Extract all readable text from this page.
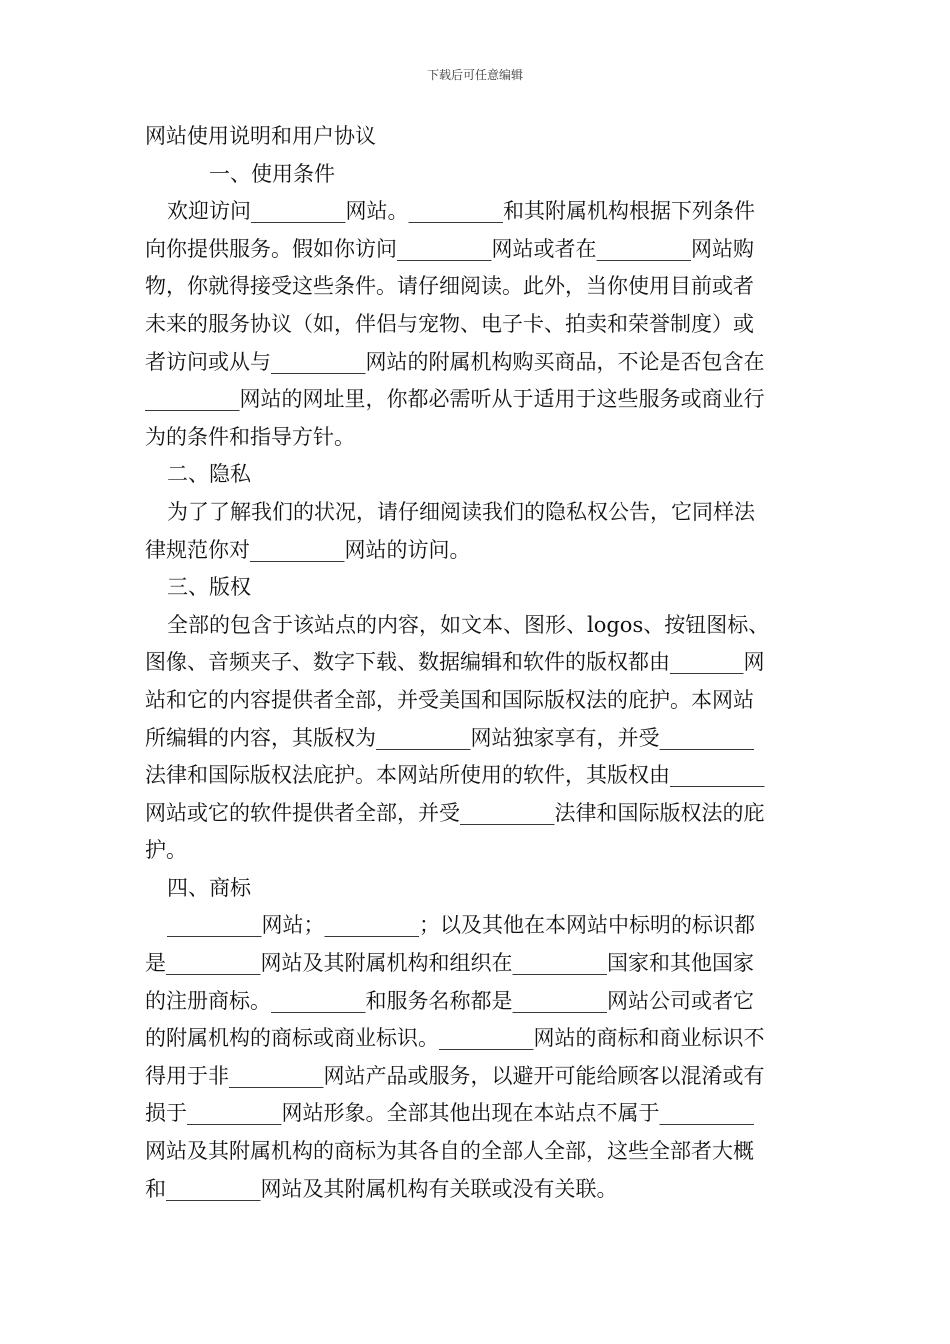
下载后可任意编辑
网站使用说明和用户协议
一、使用条件
欢迎访问_________网站。_________和其附属机构根据下列条件
向你提供服务。假如你访问_________网站或者在_________网站购
物，你就得接受这些条件。请仔细阅读。此外，当你使用目前或者
未来的服务协议（如，伴侣与宠物、电子卡、拍卖和荣誉制度）或
者访问或从与_________网站的附属机构购买商品，不论是否包含在
_________网站的网址里，你都必需听从于适用于这些服务或商业行
为的条件和指导方针。
二、隐私
为了了解我们的状况，请仔细阅读我们的隐私权公告，它同样法
律规范你对_________网站的访问。
三、版权
全部的包含于该站点的内容，如文本、图形、logos、按钮图标、
图像、音频夹子、数字下载、数据编辑和软件的版权都由_______网
站和它的内容提供者全部，并受美国和国际版权法的庇护。本网站
所编辑的内容，其版权为_________网站独家享有，并受_________
法律和国际版权法庇护。本网站所使用的软件，其版权由_________
网站或它的软件提供者全部，并受_________法律和国际版权法的庇
护。
四、商标
_________网站；_________；以及其他在本网站中标明的标识都
是_________网站及其附属机构和组织在_________国家和其他国家
的注册商标。_________和服务名称都是_________网站公司或者它
的附属机构的商标或商业标识。_________网站的商标和商业标识不
得用于非_________网站产品或服务，以避开可能给顾客以混淆或有
损于_________网站形象。全部其他出现在本站点不属于_________
网站及其附属机构的商标为其各自的全部人全部，这些全部者大概
和_________网站及其附属机构有关联或没有关联。
